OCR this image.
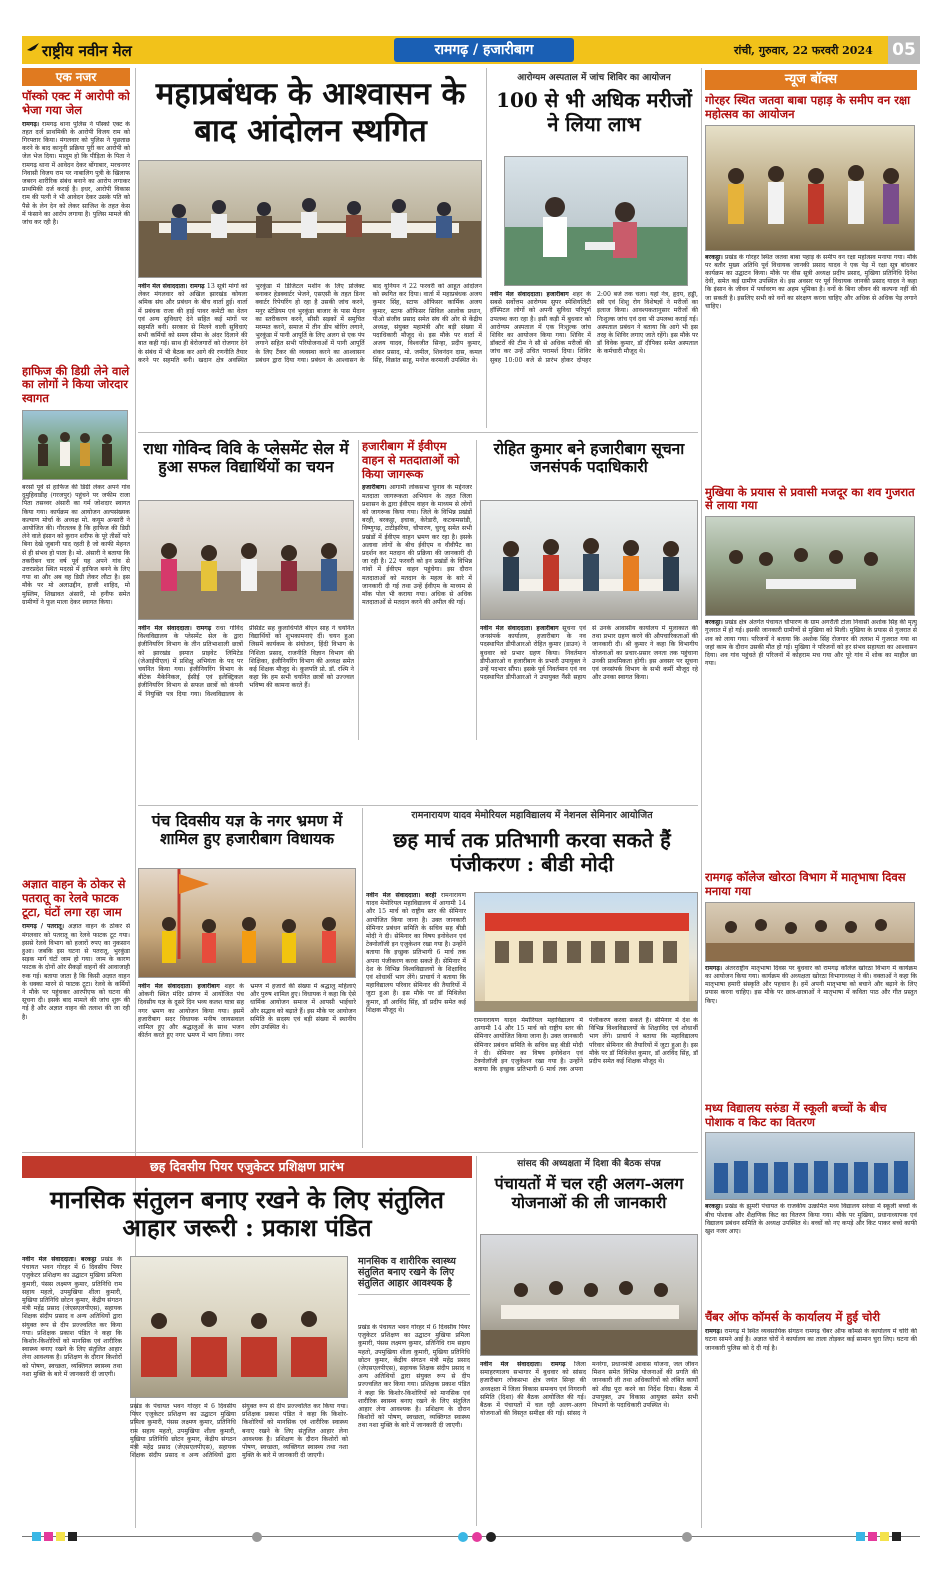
राष्ट्रीय नवीन मेल	रामगढ़ / हजारीबाग	रांची, गुरुवार, 22 फरवरी 2024 05
एक नजर
पॉस्को एक्ट में आरोपी को भेजा गया जेल
रामगढ़। रामगढ़ थाना पुलिस ने पॉस्को एक्ट के तहत दर्ज प्राथमिकी के आरोपी विजय राम को गिरफ्तार किया। मंगलवार को पुलिस ने पूछताछ करने के बाद कानूनी प्रक्रिया पूरी कर आरोपी को जेल भेज दिया। मालूम हो कि पीड़िता के पिता ने रामगढ़ थाना में आवेदन देकर बोंगाबार, मरचनगर निवासी विजय राम पर नाबालिग पुत्री के खिलाफ जबरन शारीरिक संबंध बनाने का आरोप लगाकर प्राथमिकी दर्ज कराई है। इधर, आरोपी विकास राम की पत्नी ने भी आवेदन देकर उसके पति को पैसे के लेन देन को लेकर साजिश के तहत केस में फंसाने का आरोप लगाया है। पुलिस मामले की जांच कर रही है।
हाफिज की डिग्री लेने वाले का लोगों ने किया जोरदार स्वागत
बरसों पूर्व से हाफिज की डिग्री लेकर अपने गांव दुमुहिवाडीह (गरजपुर) पहुंचने पर जफीम राजा पिता तसव्वर अंसारी का गर्म जोशदार स्वागत किया गया। कार्यक्रम का आयोजन अल्पसंख्यक कल्याण मोर्चा के अध्यक्ष मो. कयूम अन्सारी ने आयोजित की। गौरतलब है कि हाफिज की डिग्री लेने वाले इंसान को कुरान शरीफ के पूरे तीसों पारे बिना देखे जुबानी याद रहती है जो काफी मेहनत से ही संभव हो पाता है। मो. अंसारी ने बताया कि तकरीबन चार वर्ष पूर्व यह अपने गांव से उत्तरप्रदेश स्थित मदरसे में हाफिज बनने के लिए गया था और अब वह डिग्री लेकर लौटा है। इस मौके पर मो अलाउद्दीन, हाजी शाहिद, मो मुस्लिम, शिखावत अंसारी, मो हनीफ समेत ग्रामीणों ने फूल माला देकर स्वागत किया।
अज्ञात वाहन के ठोकर से पतरातू का रेलवे फाटक टूटा, घंटों लगा रहा जाम
रामगढ़ / पतरातू। अज्ञात वाहन के ठोकर से मंगलवार को पतरातू का रेलवे फाटक टूट गया। इससे रेलवे विभाग को हजारों रुपए का नुकसान हुआ। जबकि इस घटना से पतरातू, भुरकुंडा सड़क मार्ग घंटों जाम हो गया। जाम के कारण फाटक के दोनों ओर सैकड़ों वाहनों की आवाजाही रुक गई। बताया जाता है कि किसी अज्ञात वाहन के धक्का मारने से फाटक टूटा। रेलवे के कर्मियों ने मौके पर पहुंचकर आरपीएफ को घटना की सूचना दी। इसके बाद मामले की जांच शुरू की गई है और अज्ञात वाहन की तलाश की जा रही है।
महाप्रबंधक के आश्वासन के बाद आंदोलन स्थगित
नवीन मेल संवाददाता। रामगढ़ 13 सूत्री मांगों को लेकर मंगलवार को अखिल झारखंड कोयला श्रमिक संघ और प्रबंधन के बीच वार्ता हुई। वार्ता में प्रबंधक राजा की हाई पावर कमेटी का वेतन एवं अन्य सुविधाएं देने सहित कई मांगों पर सहमति बनी। सरकार से मिलने वाली सुविधाएं सभी कर्मियों को समय सीमा के अंदर दिलाने की बात कही गई। साथ ही बेरोजगारों को रोजगार देने के संबंध में भी बैठक कर आगे की रणनीति तैयार करने पर सहमति बनी। खदान क्षेत्र अवस्थित भुरकुंडा में डिजिटल मशीन के लिए प्रोजेक्ट बनाकर हेडक्वार्टर भेजने, एसएसी के तहत डिनर क्वार्टर रिपेयरिंग हो रहा है उसकी जांच करने, मनुर स्टेडियम एवं भुरकुंडा बाजार के पास मैदान का स्तरीकरण करने, सीसी सड़कों में समुचित मरम्मत करने, समाज में तीन डीप बोरिंग लगाने, भुरकुंडा में पानी आपूर्ति के लिए अलग से एक पंप लगाने सहित सभी परियोजनाओं में पानी आपूर्ति के लिए टैंकर की व्यवस्था करने का आश्वासन प्रबंधन द्वारा दिया गया। प्रबंधन के आश्वासन के बाद यूनियन ने 22 फरवरी को आहूत आंदोलन को स्थगित कर दिया। वार्ता में महाप्रबंधक अजय कुमार सिंह, स्टाफ ऑफिसर कार्मिक अजय कुमार, स्टाफ ऑफिसर सिविल आलोक प्रधान, पीओ संजीव प्रसाद समेत संघ की ओर से केंद्रीय अध्यक्ष, संयुक्त महामंत्री और बड़ी संख्या में पदाधिकारी मौजूद थे। इस मौके पर वार्ता में अजय यादव, विश्वजीत सिन्हा, प्रदीप कुमार, शंकर प्रसाद, मो. जमील, शिवनंदन दास, कमल सिंह, विक्रांत साहू, मनोज करमाली उपस्थित थे।
आरोग्यम अस्पताल में जांच शिविर का आयोजन
100 से भी अधिक मरीजों ने लिया लाभ
नवीन मेल संवाददाता। हजारीबाग शहर के सबसे सर्वोत्तम आरोग्यम सुपर स्पेशियलिटी हॉस्पिटल लोगों को अपनी सुविधा परिपूर्ण उपलब्ध करा रहा है। इसी कड़ी में बुधवार को आरोग्यम अस्पताल में एक निःशुल्क जांच शिविर का आयोजन किया गया। शिविर में डॉक्टरों की टीम ने सौ से अधिक मरीजों की जांच कर उन्हें उचित परामर्श दिया। शिविर सुबह 10:00 बजे से प्रारंभ होकर दोपहर 2:00 बजे तक चला। यहां नेत्र, हृदय, हड्डी, स्त्री एवं शिशु रोग विशेषज्ञों ने मरीजों का इलाज किया। आवश्यकतानुसार मरीजों की निःशुल्क जांच एवं दवा भी उपलब्ध कराई गई। अस्पताल प्रबंधन ने बताया कि आगे भी इस तरह के शिविर लगाए जाते रहेंगे। इस मौके पर डॉ विवेक कुमार, डॉ दीपिका समेत अस्पताल के कर्मचारी मौजूद थे।
न्यूज बॉक्स
गोरहर स्थित जतवा बाबा पहाड़ के समीप वन रक्षा महोत्सव का आयोजन
बरकट्ठा। प्रखंड के गोरहर स्थित जतवा बाबा पहाड़ के समीप वन रक्षा महोत्सव मनाया गया। मौके पर बतौर मुख्य अतिथि पूर्व विधायक जानकी प्रसाद यादव ने एक पेड़ में रक्षा सूत्र बांधकर कार्यक्रम का उद्घाटन किया। मौके पर वीस सूत्री अध्यक्ष प्रदीप प्रसाद, मुखिया प्रतिनिधि दिनेश देवी, समेत कई ग्रामीण उपस्थित थे। इस अवसर पर पूर्व विधायक जानकी प्रसाद यादव ने कहा कि इंसान के जीवन में पर्यावरण का अहम भूमिका है। वनों के बिना जीवन की कल्पना नहीं की जा सकती है। इसलिए सभी को वनों का संरक्षण करना चाहिए और अधिक से अधिक पेड़ लगाने चाहिए।
मुखिया के प्रयास से प्रवासी मजदूर का शव गुजरात से लाया गया
बरकट्ठा। प्रखंड क्षेत्र अंतर्गत पंचायत चौपारण के ग्राम अगरौती टोला निवासी अशोक सिंह की मृत्यु गुजरात में हो गई। इसकी जानकारी ग्रामीणों से मुखिया को मिली। मुखिया के प्रयास से गुजरात से शव को लाया गया। परिजनों ने बताया कि अशोक सिंह रोजगार की तलाश में गुजरात गया था जहां काम के दौरान उसकी मौत हो गई। मुखिया ने परिजनों को हर संभव सहायता का आश्वासन दिया। शव गांव पहुंचते ही परिजनों में कोहराम मच गया और पूरे गांव में शोक का माहौल छा गया।
रामगढ़ कॉलेज खोरठा विभाग में मातृभाषा दिवस मनाया गया
रामगढ़। अंतरराष्ट्रीय मातृभाषा दिवस पर बुधवार को रामगढ़ कॉलेज खोरठा विभाग में कार्यक्रम का आयोजन किया गया। कार्यक्रम की अध्यक्षता खोरठा विभागाध्यक्ष ने की। वक्ताओं ने कहा कि मातृभाषा हमारी संस्कृति और पहचान है। हमें अपनी मातृभाषा को बचाने और बढ़ाने के लिए प्रयास करना चाहिए। इस मौके पर छात्र-छात्राओं ने मातृभाषा में कविता पाठ और गीत प्रस्तुत किए।
मध्य विद्यालय सरुंडा में स्कूली बच्चों के बीच पोशाक व किट का वितरण
बरकट्ठा। प्रखंड के झुमरी पंचायत के राजकीय उत्क्रमित मध्य विद्यालय सरुंडा में स्कूली बच्चों के बीच पोशाक और शैक्षणिक किट का वितरण किया गया। मौके पर मुखिया, प्रधानाध्यापक एवं विद्यालय प्रबंधन समिति के अध्यक्ष उपस्थित थे। बच्चों को नए कपड़े और किट पाकर बच्चे काफी खुश नजर आए।
चैंबर ऑफ कॉमर्स के कार्यालय में हुई चोरी
रामगढ़। रामगढ़ में स्थित व्यवसायिक संगठन रामगढ़ चैंबर ऑफ कॉमर्स के कार्यालय में चोरी की घटना सामने आई है। अज्ञात चोरों ने कार्यालय का ताला तोड़कर कई सामान चुरा लिए। घटना की जानकारी पुलिस को दे दी गई है।
राधा गोविन्द विवि के प्लेसमेंट सेल में हुआ सफल विद्यार्थियों का चयन
नवीन मेल संवाददाता। रामगढ़ राधा गोविंद विश्वविद्यालय के प्लेसमेंट सेल के द्वारा इंजीनियरिंग विभाग के तीन प्रतिभाशाली छात्रों को झारखंड इस्पात प्राइवेट लिमिटेड (जेआईपीएल) में प्रशिक्षु अभियंता के पद पर चयनित किया गया। इंजीनियरिंग विभाग के बीटेक मैकेनिकल, ईसीई एवं इलेक्ट्रिकल इंजीनियरिंग विभाग से सफल छात्रों को कंपनी में नियुक्ति पत्र दिया गया। विश्वविद्यालय के प्रेसिडेंट सह कुलाधिपति बीएन साह ने चयनित विद्यार्थियों को शुभकामनाएं दीं। चयन हुआ जिसमें कार्यकम के संयोजन, हिंदी विभाग के निशिता प्रसाद, राजनीति विज्ञान विभाग की शिक्षिका, इंजीनियरिंग विभाग की अध्यक्ष समेत कई शिक्षक मौजूद थे। कुलपति प्रो. डॉ. रश्मि ने कहा कि हम सभी चयनित छात्रों को उज्ज्वल भविष्य की कामना करते हैं।
हजारीबाग में ईवीएम वाहन से मतदाताओं को किया जागरूक
हजारीबाग। आगामी लोकसभा चुनाव के मद्देनजर मतदाता जागरूकता अभियान के तहत जिला प्रशासन के द्वारा ईवीएम वाहन के माध्यम से लोगों को जागरूक किया गया। जिले के विभिन्न प्रखंडों बरही, बरकट्ठा, इचाक, केरेडारी, कटकमसांडी, विष्णुगढ़, टाटीझरिया, चौपारण, चुरचू समेत सभी प्रखंडों में ईवीएम वाहन भ्रमण कर रहा है। इसके अलावा लोगों के बीच ईवीएम व वीवीपैट का प्रदर्शन कर मतदान की प्रक्रिया की जानकारी दी जा रही है। 22 फरवरी को इन प्रखंडों के विभिन्न गांवों में ईवीएम वाहन पहुंचेगा। इस दौरान मतदाताओं को मतदान के महत्व के बारे में जानकारी दी गई तथा उन्हें ईवीएम के माध्यम से मॉक पोल भी कराया गया। अधिक से अधिक मतदाताओं से मतदान करने की अपील की गई।
रोहित कुमार बने हजारीबाग सूचना जनसंपर्क पदाधिकारी
नवीन मेल संवाददाता। हजारीबाग सूचना एवं जनसंपर्क कार्यालय, हजारीबाग के नव पदस्थापित डीपीआरओ रोहित कुमार (डाउन) ने बुधवार को प्रभार ग्रहण किया। निवर्तमान डीपीआरओ व हजारीबाग के प्रभारी उपायुक्त ने उन्हें पदभार सौंपा। इसके पूर्व निवर्तमान एवं नव पदस्थापित डीपीआरओ ने उपायुक्त नैंसी सहाय से उनके आवासीय कार्यालय में मुलाकात की तथा प्रभार ग्रहण करने की औपचारिकताओं की जानकारी दी। श्री कुमार ने कहा कि विभागीय योजनाओं का प्रचार-प्रसार जनता तक पहुंचाना उनकी प्राथमिकता होगी। इस अवसर पर सूचना एवं जनसंपर्क विभाग के सभी कर्मी मौजूद रहे और उनका स्वागत किया।
पंच दिवसीय यज्ञ के नगर भ्रमण में शामिल हुए हजारीबाग विधायक
नवीन मेल संवाददाता। हजारीबाग शहर के ओकनी स्थित मंदिर प्रांगण में आयोजित पंच दिवसीय यज्ञ के दूसरे दिन भव्य कलश यात्रा सह नगर भ्रमण का आयोजन किया गया। इसमें हजारीबाग सदर विधायक मनीष जायसवाल शामिल हुए और श्रद्धालुओं के साथ भजन कीर्तन करते हुए नगर भ्रमण में भाग लिया। नगर भ्रमण में हजारों की संख्या में श्रद्धालु महिलाएं और पुरुष शामिल हुए। विधायक ने कहा कि ऐसे धार्मिक आयोजन समाज में आपसी भाईचारे और सद्भाव को बढ़ाते हैं। इस मौके पर आयोजन समिति के सदस्य एवं बड़ी संख्या में स्थानीय लोग उपस्थित थे।
रामनारायण यादव मेमोरियल महाविद्यालय में नेशनल सेमिनार आयोजित
छह मार्च तक प्रतिभागी करवा सकते हैं पंजीकरण : बीडी मोदी
नवीन मेल संवाददाता। बरही रामनारायण यादव मेमोरियल महाविद्यालय में आगामी 14 और 15 मार्च को राष्ट्रीय स्तर की सेमिनार आयोजित किया जाना है। उक्त जानकारी सेमिनार प्रबंधन समिति के सचिव सह बीडी मोदी ने दी। सेमिनार का विषय इनोवेशन एवं टेक्नोलॉजी इन एजुकेशन रखा गया है। उन्होंने बताया कि इच्छुक प्रतिभागी 6 मार्च तक अपना पंजीकरण करवा सकते हैं। सेमिनार में देश के विभिन्न विश्वविद्यालयों के शिक्षाविद एवं शोधार्थी भाग लेंगे। प्राचार्य ने बताया कि महाविद्यालय परिवार सेमिनार की तैयारियों में जुटा हुआ है। इस मौके पर डॉ मिथिलेश कुमार, डॉ अरविंद सिंह, डॉ प्रदीप समेत कई शिक्षक मौजूद थे।
रामनारायण यादव मेमोरियल महाविद्यालय में आगामी 14 और 15 मार्च को राष्ट्रीय स्तर की सेमिनार आयोजित किया जाना है। उक्त जानकारी सेमिनार प्रबंधन समिति के सचिव सह बीडी मोदी ने दी। सेमिनार का विषय इनोवेशन एवं टेक्नोलॉजी इन एजुकेशन रखा गया है। उन्होंने बताया कि इच्छुक प्रतिभागी 6 मार्च तक अपना पंजीकरण करवा सकते हैं। सेमिनार में देश के विभिन्न विश्वविद्यालयों के शिक्षाविद एवं शोधार्थी भाग लेंगे। प्राचार्य ने बताया कि महाविद्यालय परिवार सेमिनार की तैयारियों में जुटा हुआ है। इस मौके पर डॉ मिथिलेश कुमार, डॉ अरविंद सिंह, डॉ प्रदीप समेत कई शिक्षक मौजूद थे।
छह दिवसीय पियर एजुकेटर प्रशिक्षण प्रारंभ
मानसिक संतुलन बनाए रखने के लिए संतुलित आहार जरूरी : प्रकाश पंडित
नवीन मेल संवाददाता। बरकट्ठा प्रखंड के पंचायत भवन गोरहर में 6 दिवसीय पियर एजुकेटर प्रशिक्षण का उद्घाटन मुखिया प्रमिला कुमारी, पंसस लक्ष्मण कुमार, प्रतिनिधि राम सहाय महतो, उपमुखिया शीला कुमारी, मुखिया प्रतिनिधि छोटन कुमार, केंद्रीय संगठन मंत्री महेंद्र प्रसाद (जेएसएलपीएस), सहायक शिक्षक संदीप प्रसाद व अन्य अतिथियों द्वारा संयुक्त रूप से दीप प्रज्ज्वलित कर किया गया। प्रशिक्षक प्रकाश पंडित ने कहा कि किशोर-किशोरियों को मानसिक एवं शारीरिक स्वास्थ्य बनाए रखने के लिए संतुलित आहार लेना आवश्यक है। प्रशिक्षण के दौरान किशोरों को पोषण, स्वच्छता, व्यक्तिगत स्वास्थ्य तथा नशा मुक्ति के बारे में जानकारी दी जाएगी।
प्रखंड के पंचायत भवन गोरहर में 6 दिवसीय पियर एजुकेटर प्रशिक्षण का उद्घाटन मुखिया प्रमिला कुमारी, पंसस लक्ष्मण कुमार, प्रतिनिधि राम सहाय महतो, उपमुखिया शीला कुमारी, मुखिया प्रतिनिधि छोटन कुमार, केंद्रीय संगठन मंत्री महेंद्र प्रसाद (जेएसएलपीएस), सहायक शिक्षक संदीप प्रसाद व अन्य अतिथियों द्वारा संयुक्त रूप से दीप प्रज्ज्वलित कर किया गया। प्रशिक्षक प्रकाश पंडित ने कहा कि किशोर-किशोरियों को मानसिक एवं शारीरिक स्वास्थ्य बनाए रखने के लिए संतुलित आहार लेना आवश्यक है। प्रशिक्षण के दौरान किशोरों को पोषण, स्वच्छता, व्यक्तिगत स्वास्थ्य तथा नशा मुक्ति के बारे में जानकारी दी जाएगी।
मानसिक व शारीरिक स्वास्थ्य संतुलित बनाए रखने के लिए संतुलित आहार आवश्यक है
प्रखंड के पंचायत भवन गोरहर में 6 दिवसीय पियर एजुकेटर प्रशिक्षण का उद्घाटन मुखिया प्रमिला कुमारी, पंसस लक्ष्मण कुमार, प्रतिनिधि राम सहाय महतो, उपमुखिया शीला कुमारी, मुखिया प्रतिनिधि छोटन कुमार, केंद्रीय संगठन मंत्री महेंद्र प्रसाद (जेएसएलपीएस), सहायक शिक्षक संदीप प्रसाद व अन्य अतिथियों द्वारा संयुक्त रूप से दीप प्रज्ज्वलित कर किया गया। प्रशिक्षक प्रकाश पंडित ने कहा कि किशोर-किशोरियों को मानसिक एवं शारीरिक स्वास्थ्य बनाए रखने के लिए संतुलित आहार लेना आवश्यक है। प्रशिक्षण के दौरान किशोरों को पोषण, स्वच्छता, व्यक्तिगत स्वास्थ्य तथा नशा मुक्ति के बारे में जानकारी दी जाएगी।
सांसद की अध्यक्षता में दिशा की बैठक संपन्न
पंचायतों में चल रही अलग-अलग योजनाओं की ली जानकारी
नवीन मेल संवाददाता। रामगढ़ जिला समाहरणालय सभागार में बुधवार को सांसद हजारीबाग लोकसभा क्षेत्र जयंत सिन्हा की अध्यक्षता में जिला विकास समन्वय एवं निगरानी समिति (दिशा) की बैठक आयोजित की गई। बैठक में पंचायतों में चल रही अलग-अलग योजनाओं की विस्तृत समीक्षा की गई। सांसद ने मनरेगा, प्रधानमंत्री आवास योजना, जल जीवन मिशन समेत विभिन्न योजनाओं की प्रगति की जानकारी ली तथा अधिकारियों को लंबित कार्यों को शीघ्र पूरा करने का निर्देश दिया। बैठक में उपायुक्त, उप विकास आयुक्त समेत सभी विभागों के पदाधिकारी उपस्थित थे।
